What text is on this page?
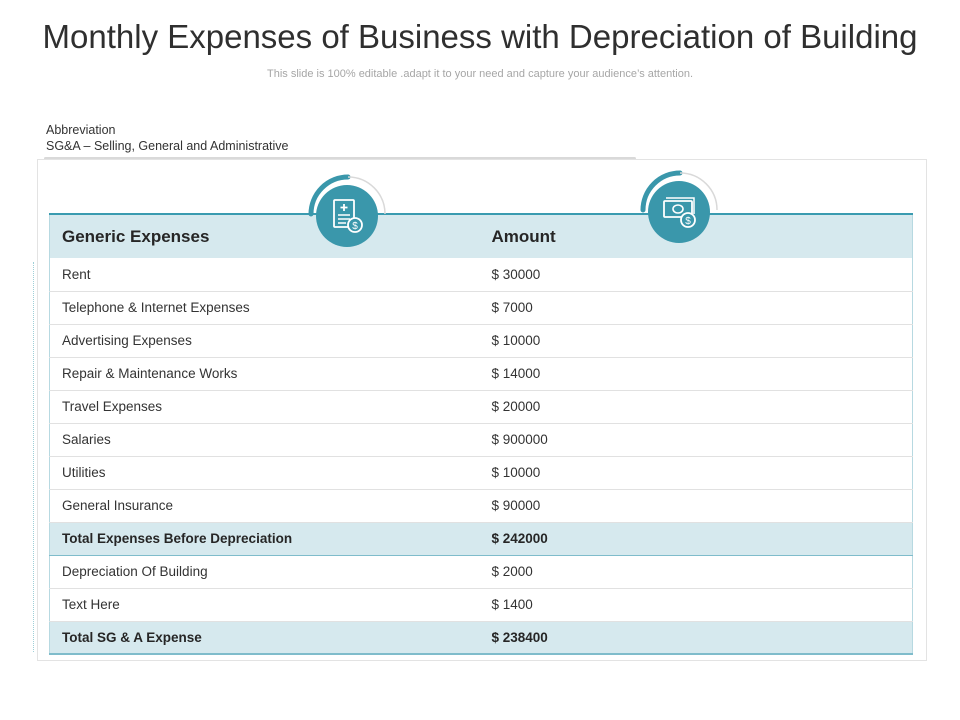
Monthly Expenses of Business with Depreciation of Building
This slide is 100% editable .adapt it to your need and capture your audience’s attention.
Abbreviation
SG&A – Selling, General and Administrative
Generic Expenses	Amount
Rent	$ 30000
Telephone & Internet Expenses	$ 7000
Advertising Expenses	$ 10000
Repair & Maintenance Works	$ 14000
Travel Expenses	$ 20000
Salaries	$ 900000
Utilities	$ 10000
General Insurance	$ 90000
Total Expenses Before Depreciation	$ 242000
Depreciation Of Building	$ 2000
Text Here	$ 1400
Total SG & A Expense	$ 238400
$	$
